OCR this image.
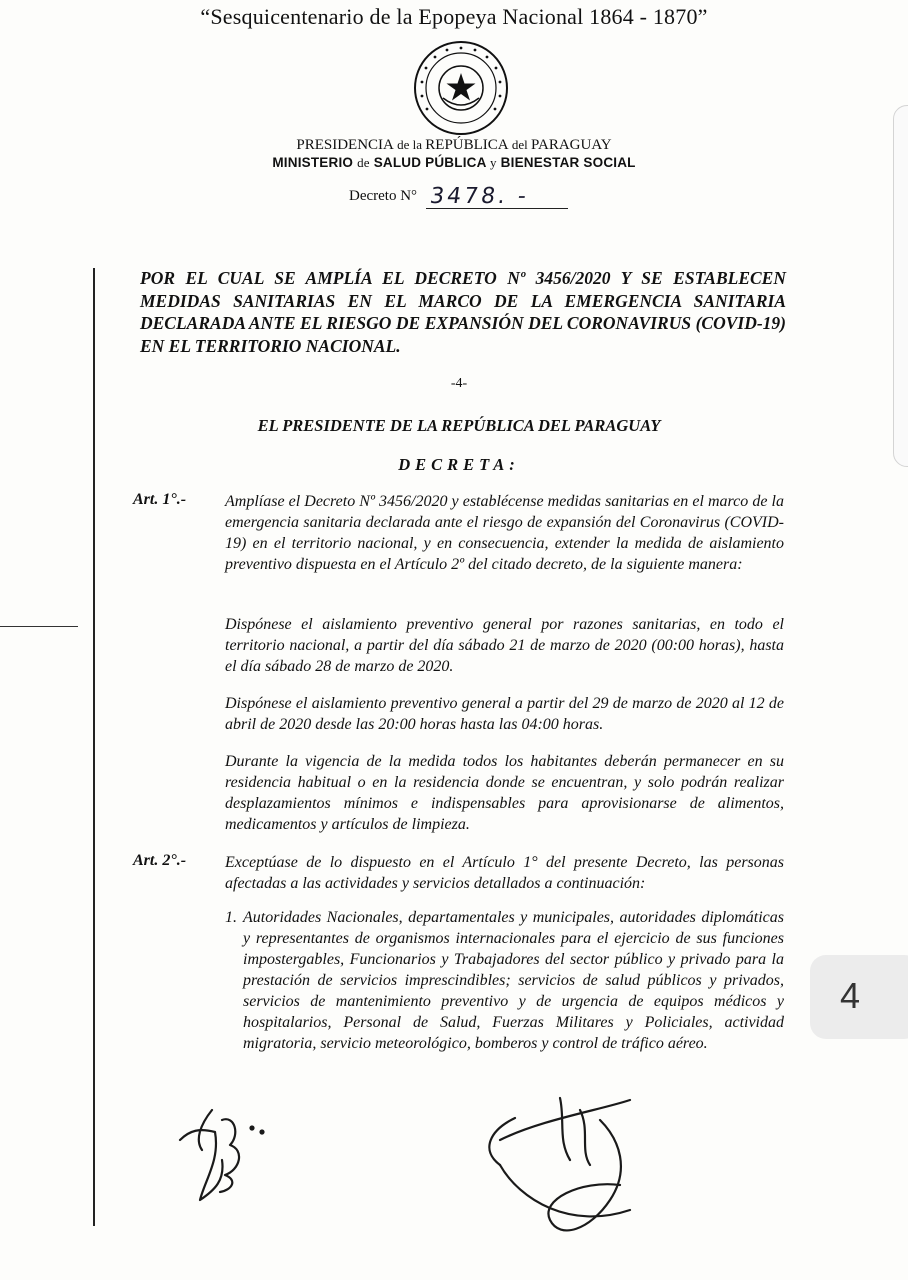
“Sesquicentenario de la Epopeya Nacional 1864 - 1870”
PRESIDENCIA de la REPÚBLICA del PARAGUAY
MINISTERIO de SALUD PÚBLICA y BIENESTAR SOCIAL
Decreto N° 3478. -
POR EL CUAL SE AMPLÍA EL DECRETO Nº 3456/2020 Y SE ESTABLECEN MEDIDAS SANITARIAS EN EL MARCO DE LA EMERGENCIA SANITARIA DECLARADA ANTE EL RIESGO DE EXPANSIÓN DEL CORONAVIRUS (COVID-19) EN EL TERRITORIO NACIONAL.
-4-
EL PRESIDENTE DE LA REPÚBLICA DEL PARAGUAY
DECRETA:
Art. 1°.- Amplíase el Decreto Nº 3456/2020 y establécense medidas sanitarias en el marco de la emergencia sanitaria declarada ante el riesgo de expansión del Coronavirus (COVID-19) en el territorio nacional, y en consecuencia, extender la medida de aislamiento preventivo dispuesta en el Artículo 2º del citado decreto, de la siguiente manera:
Dispónese el aislamiento preventivo general por razones sanitarias, en todo el territorio nacional, a partir del día sábado 21 de marzo de 2020 (00:00 horas), hasta el día sábado 28 de marzo de 2020.
Dispónese el aislamiento preventivo general a partir del 29 de marzo de 2020 al 12 de abril de 2020 desde las 20:00 horas hasta las 04:00 horas.
Durante la vigencia de la medida todos los habitantes deberán permanecer en su residencia habitual o en la residencia donde se encuentran, y solo podrán realizar desplazamientos mínimos e indispensables para aprovisionarse de alimentos, medicamentos y artículos de limpieza.
Art. 2°.- Exceptúase de lo dispuesto en el Artículo 1° del presente Decreto, las personas afectadas a las actividades y servicios detallados a continuación:
1. Autoridades Nacionales, departamentales y municipales, autoridades diplomáticas y representantes de organismos internacionales para el ejercicio de sus funciones impostergables, Funcionarios y Trabajadores del sector público y privado para la prestación de servicios imprescindibles; servicios de salud públicos y privados, servicios de mantenimiento preventivo y de urgencia de equipos médicos y hospitalarios, Personal de Salud, Fuerzas Militares y Policiales, actividad migratoria, servicio meteorológico, bomberos y control de tráfico aéreo.
4
